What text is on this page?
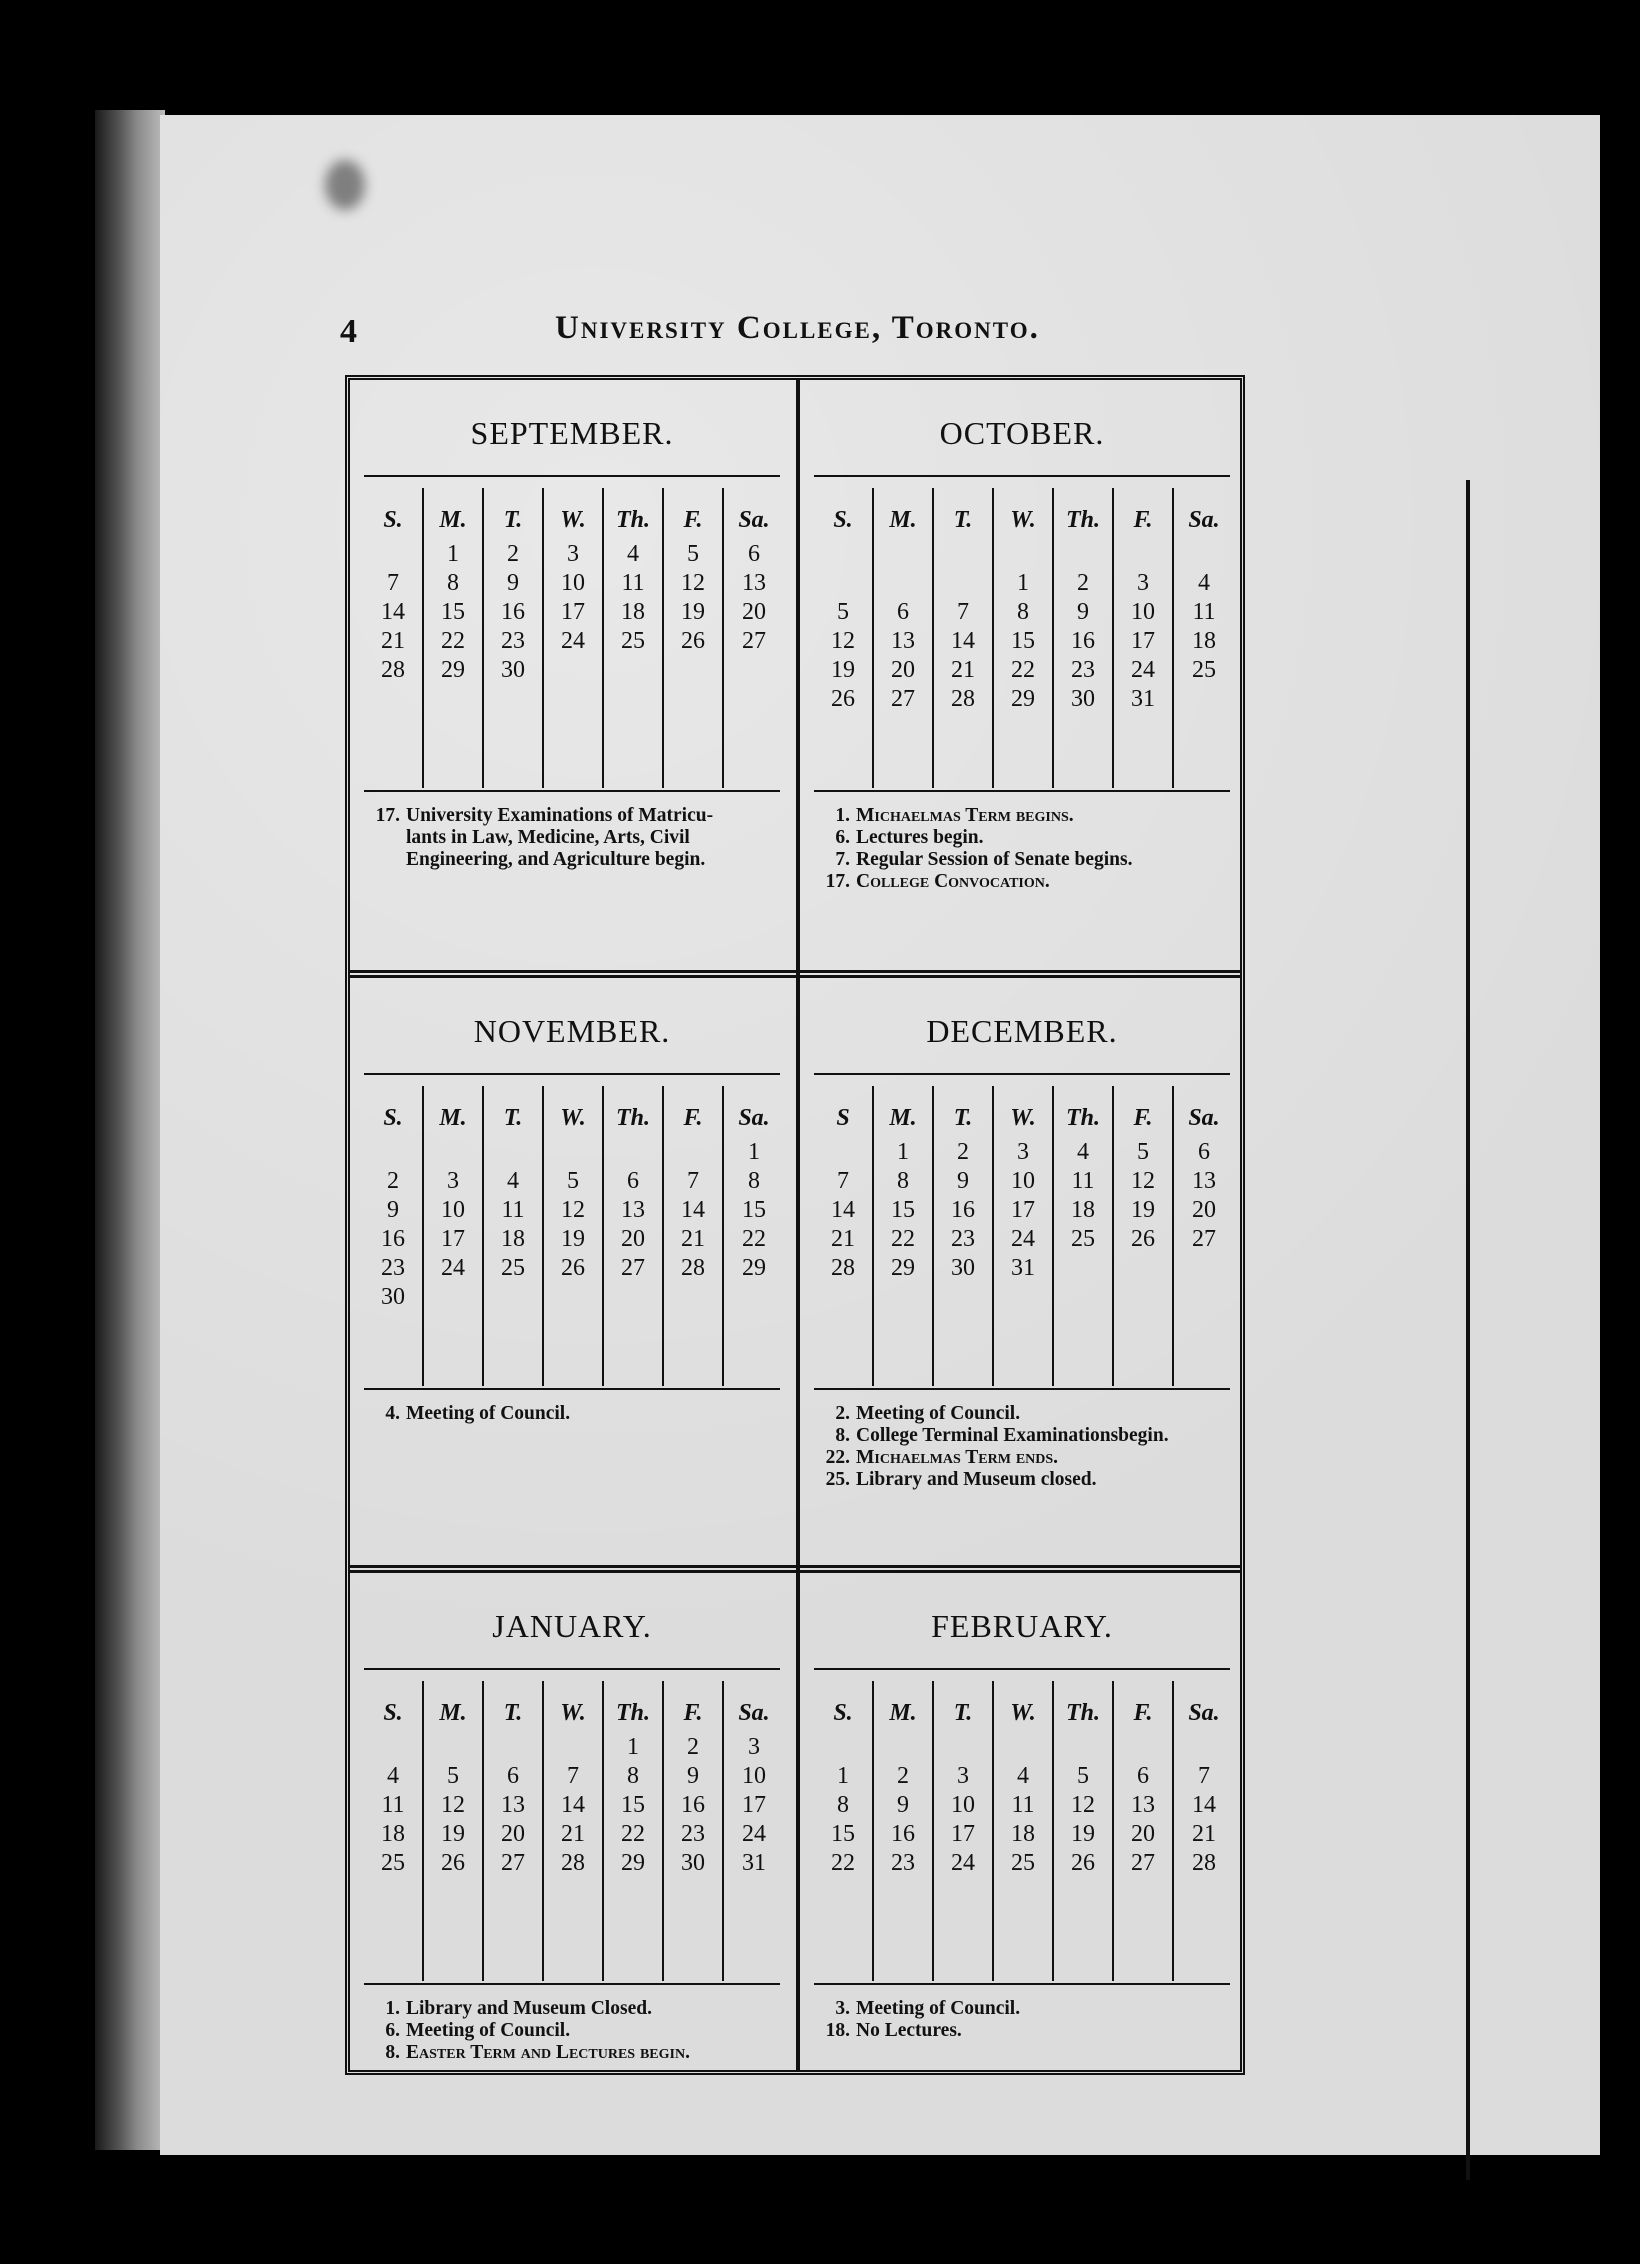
4	University College, Toronto.
SEPTEMBER.
S.
7
14
21
28
M.
1
8
15
22
29
T.
2
9
16
23
30
W.
3
10
17
24
Th.
4
11
18
25
F.
5
12
19
26
Sa.
6
13
20
27
17. University Examinations of Matricu-
lants in Law, Medicine, Arts, Civil
Engineering, and Agriculture begin.
OCTOBER.
S.
5
12
19
26
M.
6
13
20
27
T.
7
14
21
28
W.
1
8
15
22
29
Th.
2
9
16
23
30
F.
3
10
17
24
31
Sa.
4
11
18
25
1. Michaelmas Term begins.
6. Lectures begin.
7. Regular Session of Senate begins.
17. College Convocation.
NOVEMBER.
S.
2
9
16
23
30
M.
3
10
17
24
T.
4
11
18
25
W.
5
12
19
26
Th.
6
13
20
27
F.
7
14
21
28
Sa.
1
8
15
22
29
4. Meeting of Council.
DECEMBER.
S
7
14
21
28
M.
1
8
15
22
29
T.
2
9
16
23
30
W.
3
10
17
24
31
Th.
4
11
18
25
F.
5
12
19
26
Sa.
6
13
20
27
2. Meeting of Council.
8. College Terminal Examinationsbegin.
22. Michaelmas Term ends.
25. Library and Museum closed.
JANUARY.
S.
4
11
18
25
M.
5
12
19
26
T.
6
13
20
27
W.
7
14
21
28
Th.
1
8
15
22
29
F.
2
9
16
23
30
Sa.
3
10
17
24
31
1. Library and Museum Closed.
6. Meeting of Council.
8. Easter Term and Lectures begin.
FEBRUARY.
S.
1
8
15
22
M.
2
9
16
23
T.
3
10
17
24
W.
4
11
18
25
Th.
5
12
19
26
F.
6
13
20
27
Sa.
7
14
21
28
3. Meeting of Council.
18. No Lectures.
